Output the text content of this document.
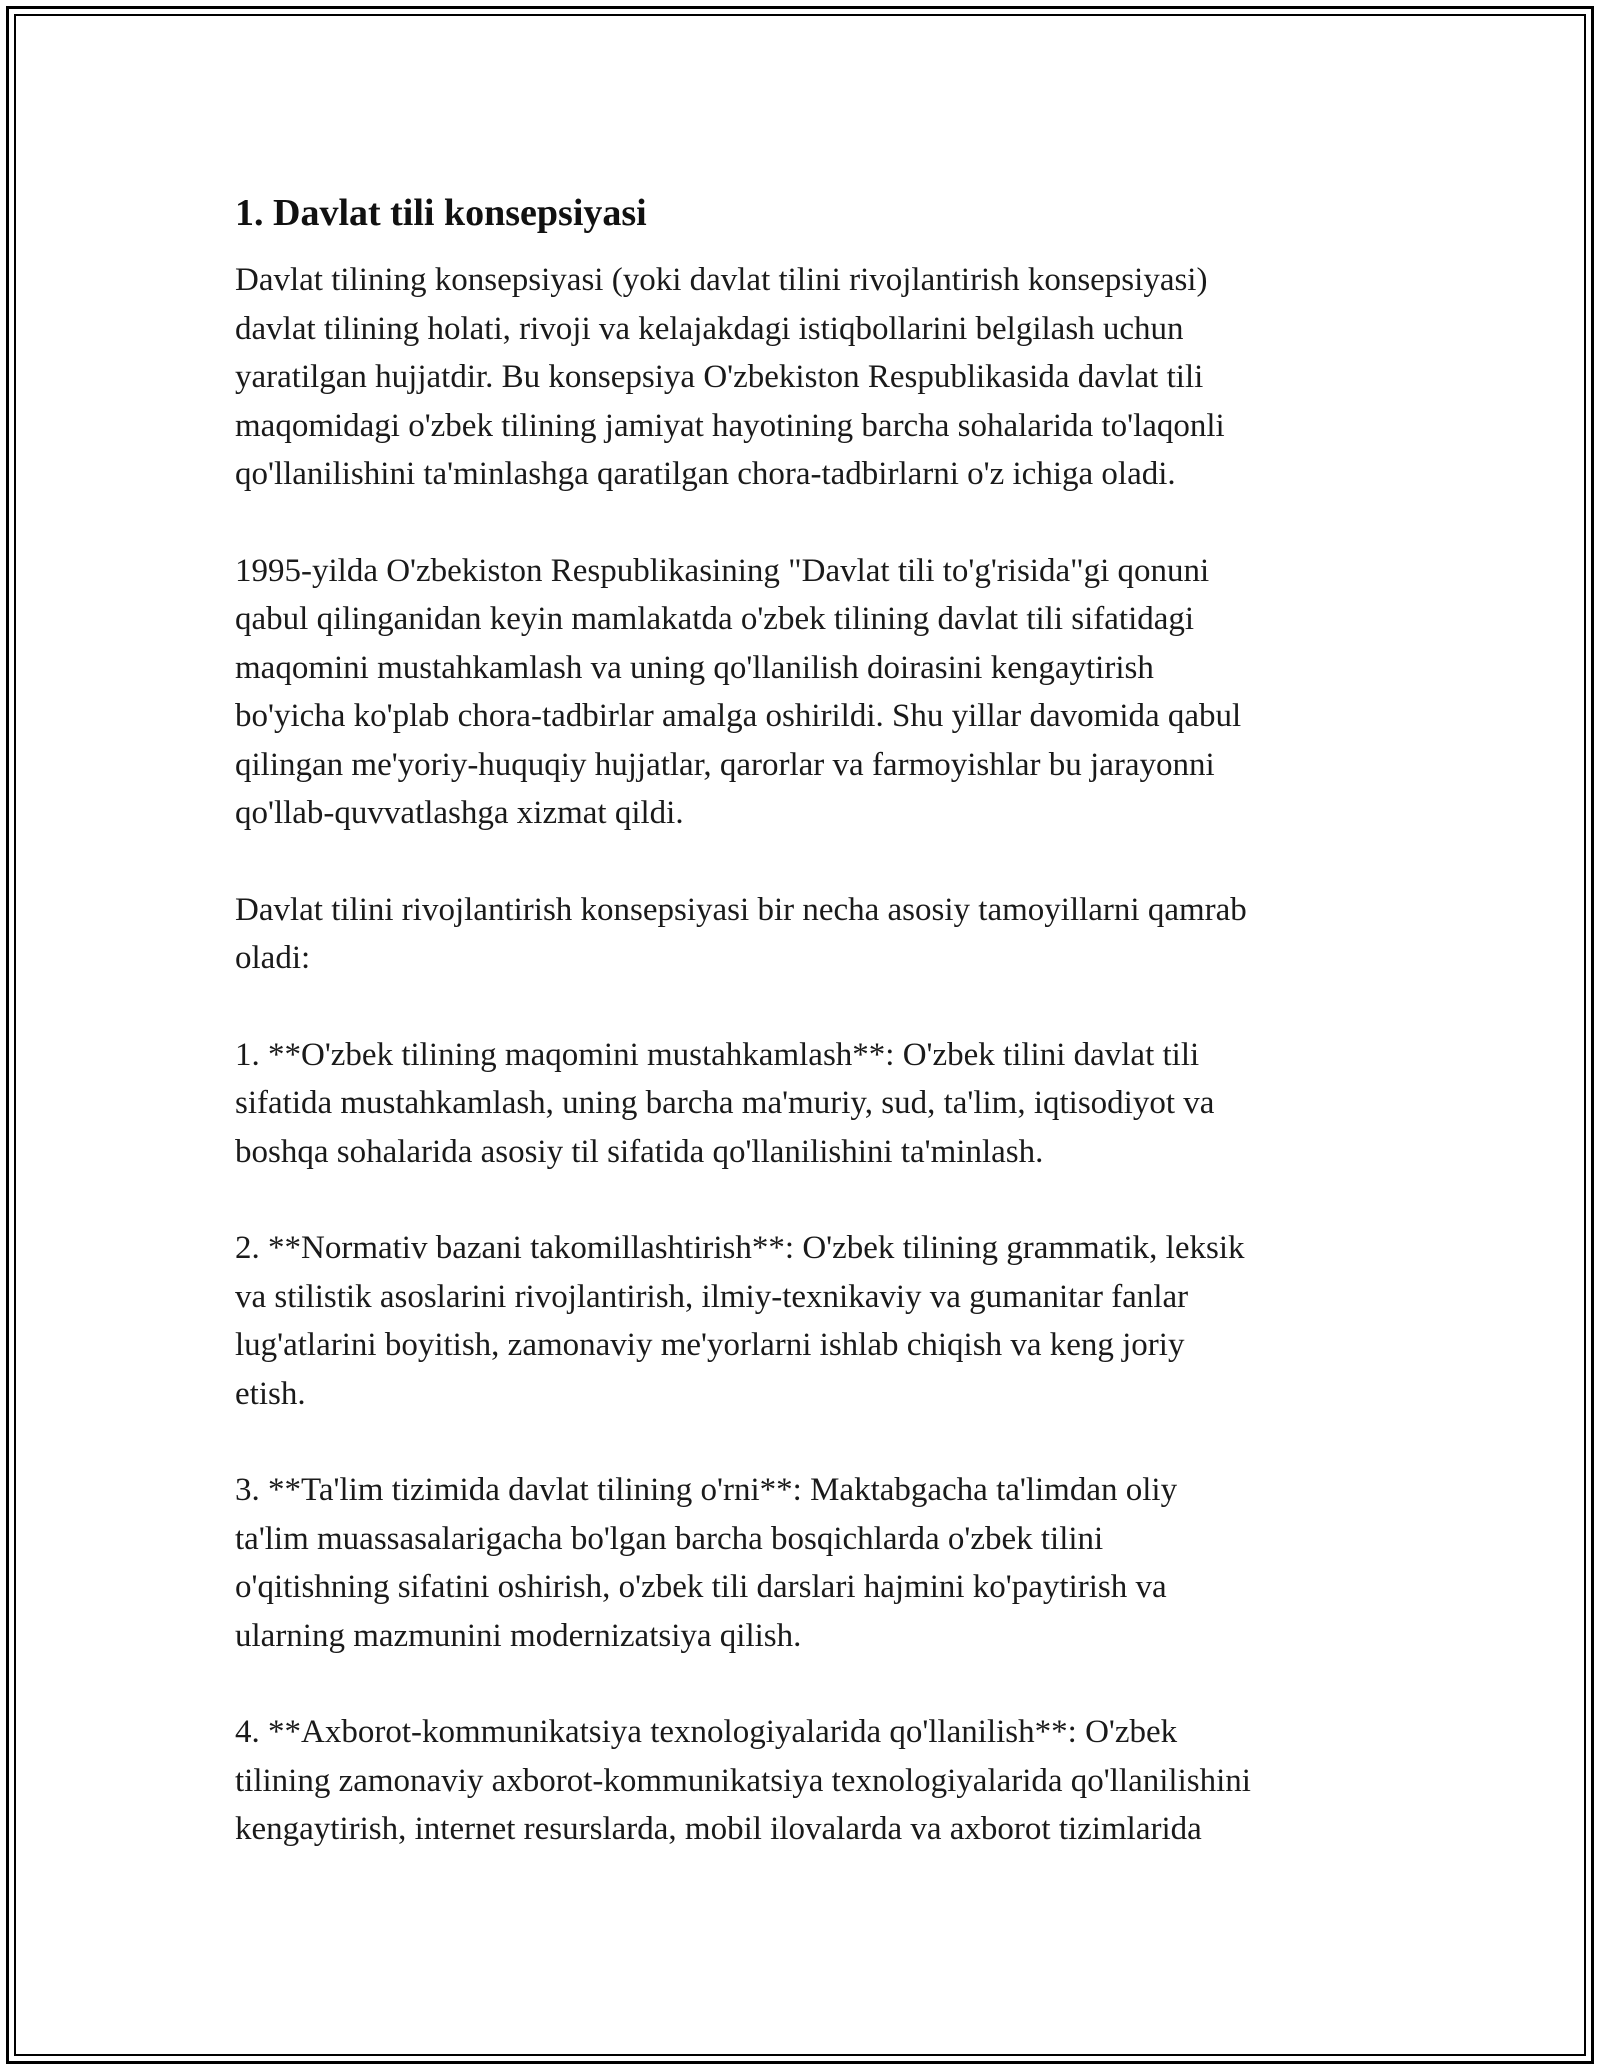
1. Davlat tili konsepsiyasi

Davlat tilining konsepsiyasi (yoki davlat tilini rivojlantirish konsepsiyasi)
davlat tilining holati, rivoji va kelajakdagi istiqbollarini belgilash uchun
yaratilgan hujjatdir. Bu konsepsiya O'zbekiston Respublikasida davlat tili
maqomidagi o'zbek tilining jamiyat hayotining barcha sohalarida to'laqonli
qo'llanilishini ta'minlashga qaratilgan chora-tadbirlarni o'z ichiga oladi.

1995-yilda O'zbekiston Respublikasining "Davlat tili to'g'risida"gi qonuni
qabul qilinganidan keyin mamlakatda o'zbek tilining davlat tili sifatidagi
maqomini mustahkamlash va uning qo'llanilish doirasini kengaytirish
bo'yicha ko'plab chora-tadbirlar amalga oshirildi. Shu yillar davomida qabul
qilingan me'yoriy-huquqiy hujjatlar, qarorlar va farmoyishlar bu jarayonni
qo'llab-quvvatlashga xizmat qildi.

Davlat tilini rivojlantirish konsepsiyasi bir necha asosiy tamoyillarni qamrab
oladi:

1. **O'zbek tilining maqomini mustahkamlash**: O'zbek tilini davlat tili
sifatida mustahkamlash, uning barcha ma'muriy, sud, ta'lim, iqtisodiyot va
boshqa sohalarida asosiy til sifatida qo'llanilishini ta'minlash.

2. **Normativ bazani takomillashtirish**: O'zbek tilining grammatik, leksik
va stilistik asoslarini rivojlantirish, ilmiy-texnikaviy va gumanitar fanlar
lug'atlarini boyitish, zamonaviy me'yorlarni ishlab chiqish va keng joriy
etish.

3. **Ta'lim tizimida davlat tilining o'rni**: Maktabgacha ta'limdan oliy
ta'lim muassasalarigacha bo'lgan barcha bosqichlarda o'zbek tilini
o'qitishning sifatini oshirish, o'zbek tili darslari hajmini ko'paytirish va
ularning mazmunini modernizatsiya qilish.

4. **Axborot-kommunikatsiya texnologiyalarida qo'llanilish**: O'zbek
tilining zamonaviy axborot-kommunikatsiya texnologiyalarida qo'llanilishini
kengaytirish, internet resurslarda, mobil ilovalarda va axborot tizimlarida
